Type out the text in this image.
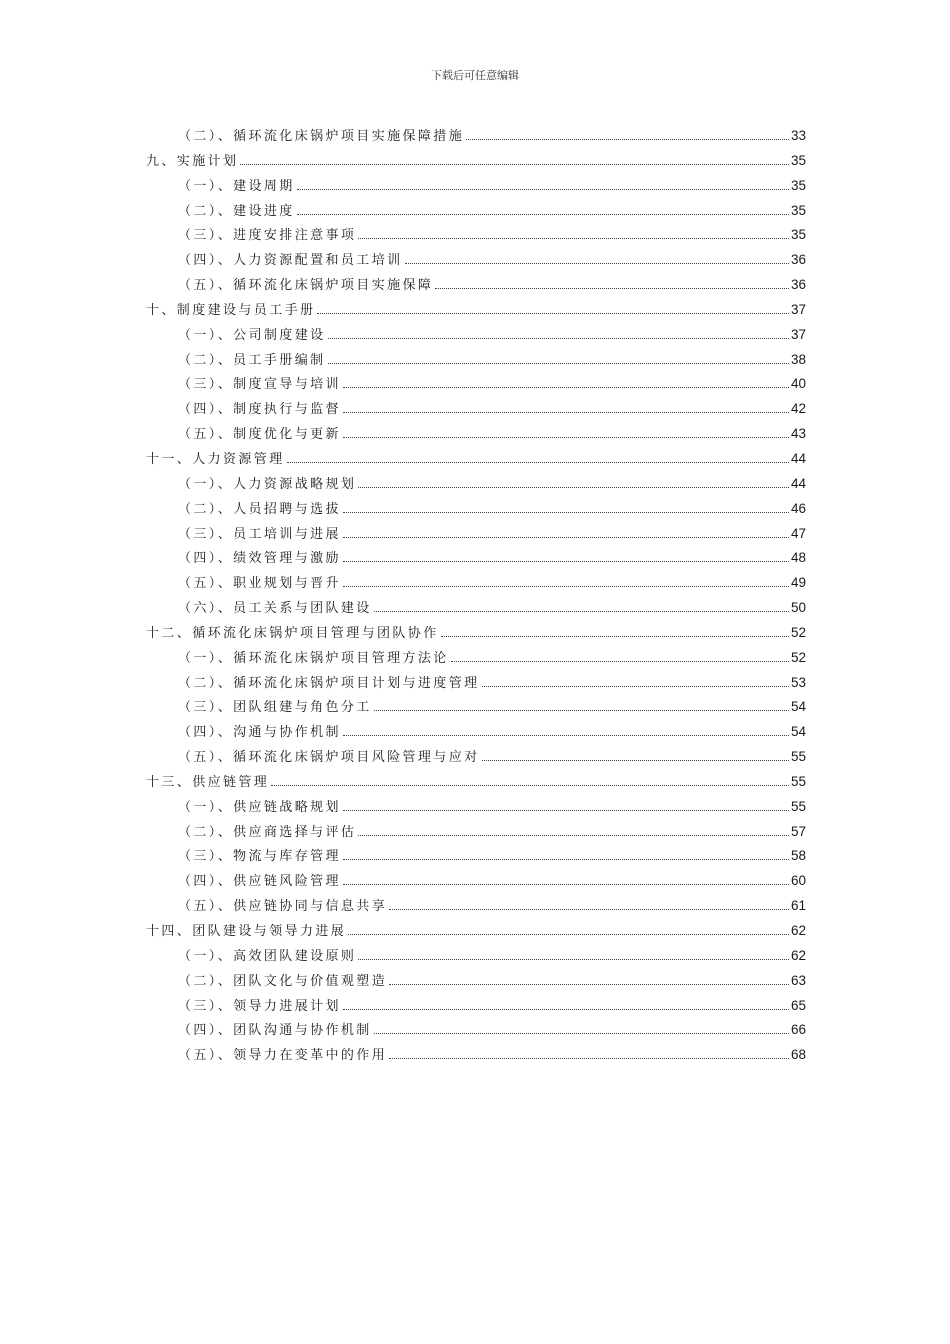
下载后可任意编辑
（二）、循环流化床锅炉项目实施保障措施	33
九、实施计划	35
（一）、建设周期	35
（二）、建设进度	35
（三）、进度安排注意事项	35
（四）、人力资源配置和员工培训	36
（五）、循环流化床锅炉项目实施保障	36
十、制度建设与员工手册	37
（一）、公司制度建设	37
（二）、员工手册编制	38
（三）、制度宣导与培训	40
（四）、制度执行与监督	42
（五）、制度优化与更新	43
十一、人力资源管理	44
（一）、人力资源战略规划	44
（二）、人员招聘与选拔	46
（三）、员工培训与进展	47
（四）、绩效管理与激励	48
（五）、职业规划与晋升	49
（六）、员工关系与团队建设	50
十二、循环流化床锅炉项目管理与团队协作	52
（一）、循环流化床锅炉项目管理方法论	52
（二）、循环流化床锅炉项目计划与进度管理	53
（三）、团队组建与角色分工	54
（四）、沟通与协作机制	54
（五）、循环流化床锅炉项目风险管理与应对	55
十三、供应链管理	55
（一）、供应链战略规划	55
（二）、供应商选择与评估	57
（三）、物流与库存管理	58
（四）、供应链风险管理	60
（五）、供应链协同与信息共享	61
十四、团队建设与领导力进展	62
（一）、高效团队建设原则	62
（二）、团队文化与价值观塑造	63
（三）、领导力进展计划	65
（四）、团队沟通与协作机制	66
（五）、领导力在变革中的作用	68
